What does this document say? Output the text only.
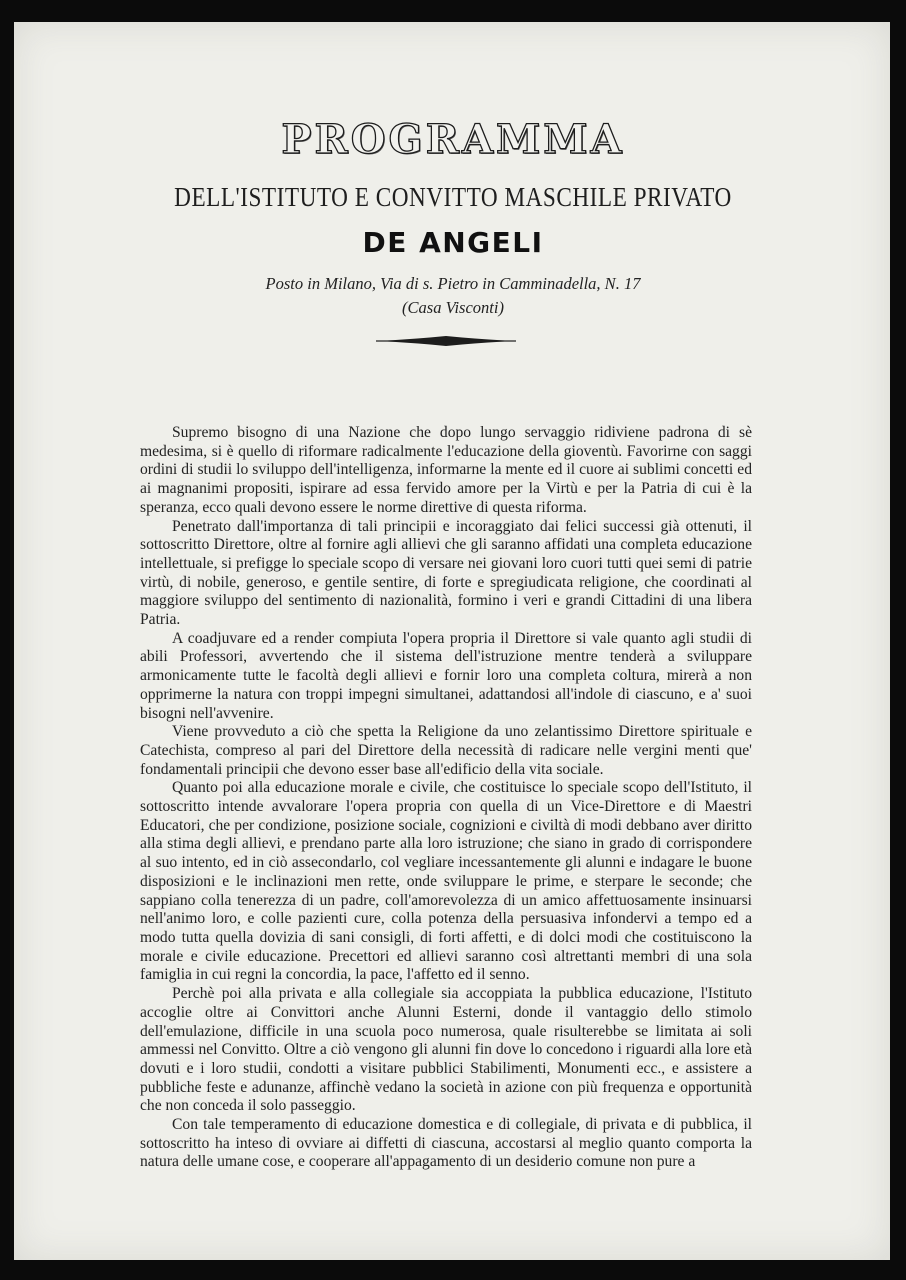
PROGRAMMA
DELL'ISTITUTO E CONVITTO MASCHILE PRIVATO
DE ANGELI
Posto in Milano, Via di s. Pietro in Camminadella, N. 17
(Casa Visconti)

Supremo bisogno di una Nazione che dopo lungo servaggio ridiviene padrona di sè medesima, si è quello di riformare radicalmente l'educazione della gioventù. Favorirne con saggi ordini di studii lo sviluppo dell'intelligenza, informarne la mente ed il cuore ai sublimi concetti ed ai magnanimi propositi, ispirare ad essa fervido amore per la Virtù e per la Patria di cui è la speranza, ecco quali devono essere le norme direttive di questa riforma.

Penetrato dall'importanza di tali principii e incoraggiato dai felici successi già ottenuti, il sottoscritto Direttore, oltre al fornire agli allievi che gli saranno affidati una completa educazione intellettuale, si prefigge lo speciale scopo di versare nei giovani loro cuori tutti quei semi di patrie virtù, di nobile, generoso, e gentile sentire, di forte e spregiudicata religione, che coordinati al maggiore sviluppo del sentimento di nazionalità, formino i veri e grandi Cittadini di una libera Patria.

A coadjuvare ed a render compiuta l'opera propria il Direttore si vale quanto agli studii di abili Professori, avvertendo che il sistema dell'istruzione mentre tenderà a sviluppare armonicamente tutte le facoltà degli allievi e fornir loro una completa coltura, mirerà a non opprimerne la natura con troppi impegni simultanei, adattandosi all'indole di ciascuno, e a' suoi bisogni nell'avvenire.

Viene provveduto a ciò che spetta la Religione da uno zelantissimo Direttore spirituale e Catechista, compreso al pari del Direttore della necessità di radicare nelle vergini menti que' fondamentali principii che devono esser base all'edificio della vita sociale.

Quanto poi alla educazione morale e civile, che costituisce lo speciale scopo dell'Istituto, il sottoscritto intende avvalorare l'opera propria con quella di un Vice-Direttore e di Maestri Educatori, che per condizione, posizione sociale, cognizioni e civiltà di modi debbano aver diritto alla stima degli allievi, e prendano parte alla loro istruzione; che siano in grado di corrispondere al suo intento, ed in ciò assecondarlo, col vegliare incessantemente gli alunni e indagare le buone disposizioni e le inclinazioni men rette, onde sviluppare le prime, e sterpare le seconde; che sappiano colla tenerezza di un padre, coll'amorevolezza di un amico affettuosamente insinuarsi nell'animo loro, e colle pazienti cure, colla potenza della persuasiva infondervi a tempo ed a modo tutta quella dovizia di sani consigli, di forti affetti, e di dolci modi che costituiscono la morale e civile educazione. Precettori ed allievi saranno così altrettanti membri di una sola famiglia in cui regni la concordia, la pace, l'affetto ed il senno.

Perchè poi alla privata e alla collegiale sia accoppiata la pubblica educazione, l'Istituto accoglie oltre ai Convittori anche Alunni Esterni, donde il vantaggio dello stimolo dell'emulazione, difficile in una scuola poco numerosa, quale risulterebbe se limitata ai soli ammessi nel Convitto. Oltre a ciò vengono gli alunni fin dove lo concedono i riguardi alla lore età dovuti e i loro studii, condotti a visitare pubblici Stabilimenti, Monumenti ecc., e assistere a pubbliche feste e adunanze, affinchè vedano la società in azione con più frequenza e opportunità che non conceda il solo passeggio.

Con tale temperamento di educazione domestica e di collegiale, di privata e di pubblica, il sottoscritto ha inteso di ovviare ai diffetti di ciascuna, accostarsi al meglio quanto comporta la natura delle umane cose, e cooperare all'appagamento di un desiderio comune non pure a
